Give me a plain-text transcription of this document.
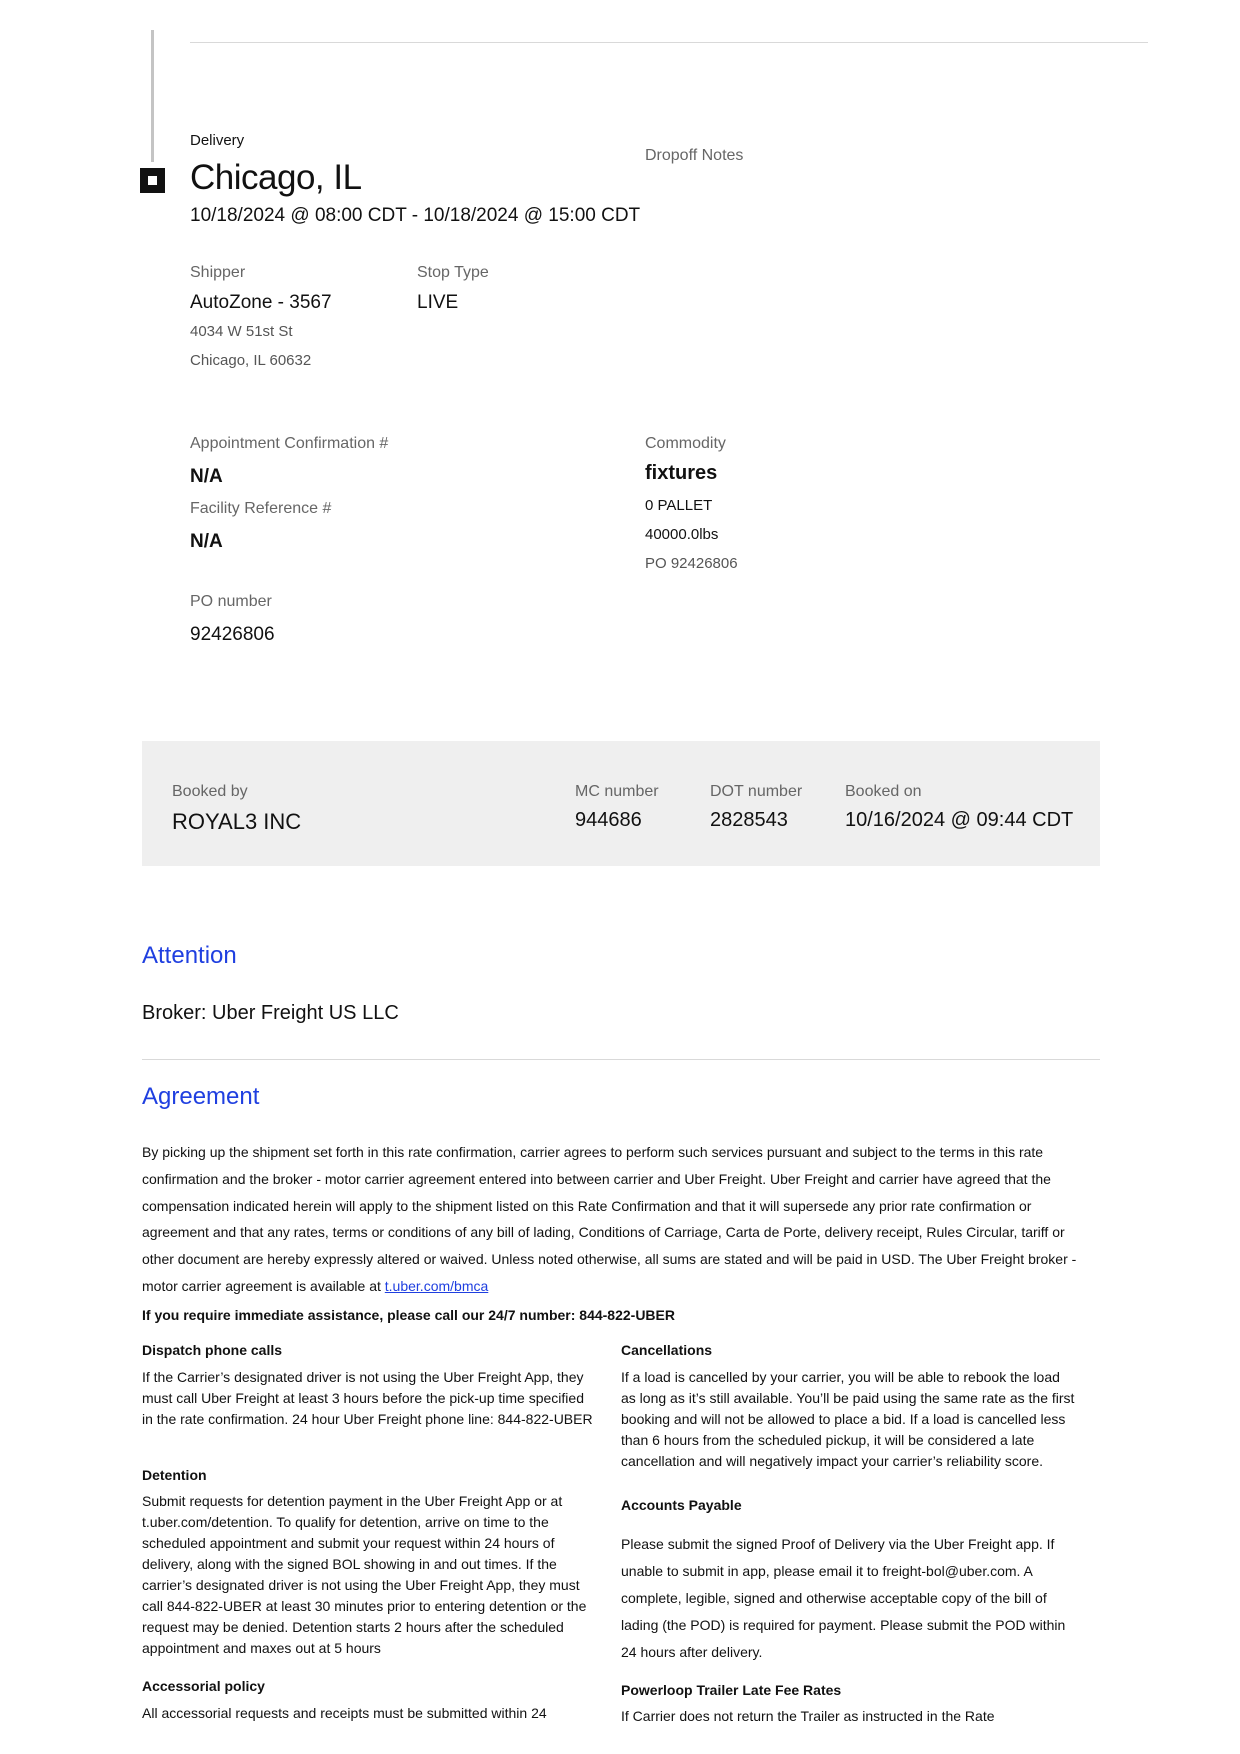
Delivery
Chicago, IL
10/18/2024 @ 08:00 CDT - 10/18/2024 @ 15:00 CDT
Dropoff Notes
Shipper
AutoZone - 3567
4034 W 51st St
Chicago, IL 60632
Stop Type
LIVE
Appointment Confirmation #
N/A
Facility Reference #
N/A
PO number
92426806
Commodity
fixtures
0 PALLET
40000.0lbs
PO 92426806
Booked by
ROYAL3 INC
MC number
944686
DOT number
2828543
Booked on
10/16/2024 @ 09:44 CDT
Attention
Broker: Uber Freight US LLC
Agreement
By picking up the shipment set forth in this rate confirmation, carrier agrees to perform such services pursuant and subject to the terms in this rate confirmation and the broker - motor carrier agreement entered into between carrier and Uber Freight. Uber Freight and carrier have agreed that the compensation indicated herein will apply to the shipment listed on this Rate Confirmation and that it will supersede any prior rate confirmation or agreement and that any rates, terms or conditions of any bill of lading, Conditions of Carriage, Carta de Porte, delivery receipt, Rules Circular, tariff or other document are hereby expressly altered or waived. Unless noted otherwise, all sums are stated and will be paid in USD. The Uber Freight broker - motor carrier agreement is available at t.uber.com/bmca
If you require immediate assistance, please call our 24/7 number: 844-822-UBER
Dispatch phone calls
If the Carrier’s designated driver is not using the Uber Freight App, they must call Uber Freight at least 3 hours before the pick-up time specified in the rate confirmation. 24 hour Uber Freight phone line: 844-822-UBER
Detention
Submit requests for detention payment in the Uber Freight App or at t.uber.com/detention. To qualify for detention, arrive on time to the scheduled appointment and submit your request within 24 hours of delivery, along with the signed BOL showing in and out times. If the carrier’s designated driver is not using the Uber Freight App, they must call 844-822-UBER at least 30 minutes prior to entering detention or the request may be denied. Detention starts 2 hours after the scheduled appointment and maxes out at 5 hours
Accessorial policy
All accessorial requests and receipts must be submitted within 24
Cancellations
If a load is cancelled by your carrier, you will be able to rebook the load as long as it’s still available. You’ll be paid using the same rate as the first booking and will not be allowed to place a bid. If a load is cancelled less than 6 hours from the scheduled pickup, it will be considered a late cancellation and will negatively impact your carrier’s reliability score.
Accounts Payable
Please submit the signed Proof of Delivery via the Uber Freight app. If unable to submit in app, please email it to freight-bol@uber.com. A complete, legible, signed and otherwise acceptable copy of the bill of lading (the POD) is required for payment. Please submit the POD within 24 hours after delivery.
Powerloop Trailer Late Fee Rates
If Carrier does not return the Trailer as instructed in the Rate
